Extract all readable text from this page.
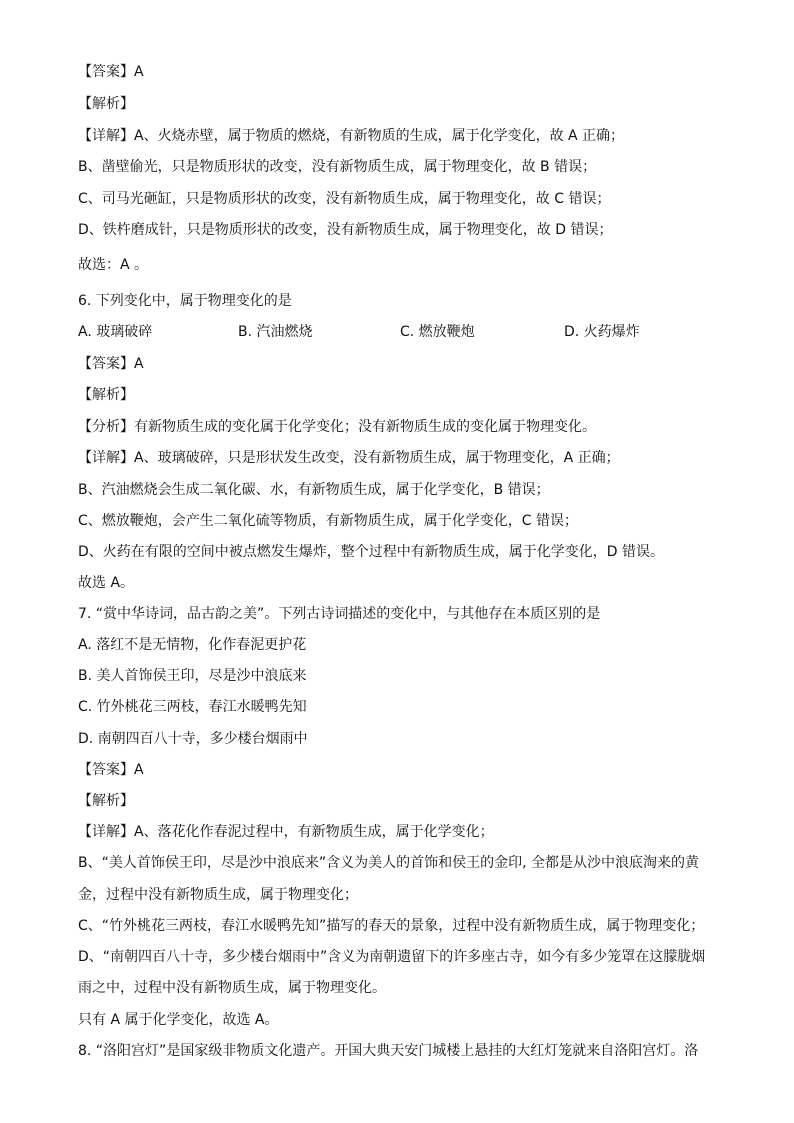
【答案】A
【解析】
【详解】A、火烧赤壁，属于物质的燃烧，有新物质的生成，属于化学变化，故 A 正确；
B、凿壁偷光，只是物质形状的改变，没有新物质生成，属于物理变化，故 B 错误；
C、司马光砸缸，只是物质形状的改变，没有新物质生成，属于物理变化，故 C 错误；
D、铁杵磨成针，只是物质形状的改变，没有新物质生成，属于物理变化，故 D 错误；
故选：A 。
6. 下列变化中，属于物理变化的是
A. 玻璃破碎	B. 汽油燃烧	C. 燃放鞭炮	D. 火药爆炸
【答案】A
【解析】
【分析】有新物质生成的变化属于化学变化；没有新物质生成的变化属于物理变化。
【详解】A、玻璃破碎，只是形状发生改变，没有新物质生成，属于物理变化，A 正确；
B、汽油燃烧会生成二氧化碳、水，有新物质生成，属于化学变化，B 错误；
C、燃放鞭炮，会产生二氧化硫等物质，有新物质生成，属于化学变化，C 错误；
D、火药在有限的空间中被点燃发生爆炸，整个过程中有新物质生成，属于化学变化，D 错误。
故选 A。
7. “赏中华诗词，品古韵之美”。下列古诗词描述的变化中，与其他存在本质区别的是
A. 落红不是无情物，化作春泥更护花
B. 美人首饰侯王印，尽是沙中浪底来
C. 竹外桃花三两枝，春江水暖鸭先知
D. 南朝四百八十寺，多少楼台烟雨中
【答案】A
【解析】
【详解】A、落花化作春泥过程中，有新物质生成，属于化学变化；
B、“美人首饰侯王印，尽是沙中浪底来”含义为美人的首饰和侯王的金印, 全都是从沙中浪底淘来的黄
金，过程中没有新物质生成，属于物理变化；
C、“竹外桃花三两枝，春江水暖鸭先知”描写的春天的景象，过程中没有新物质生成，属于物理变化；
D、“南朝四百八十寺，多少楼台烟雨中”含义为南朝遗留下的许多座古寺，如今有多少笼罩在这朦胧烟
雨之中，过程中没有新物质生成，属于物理变化。
只有 A 属于化学变化，故选 A。
8. “洛阳宫灯”是国家级非物质文化遗产。开国大典天安门城楼上悬挂的大红灯笼就来自洛阳宫灯。洛
